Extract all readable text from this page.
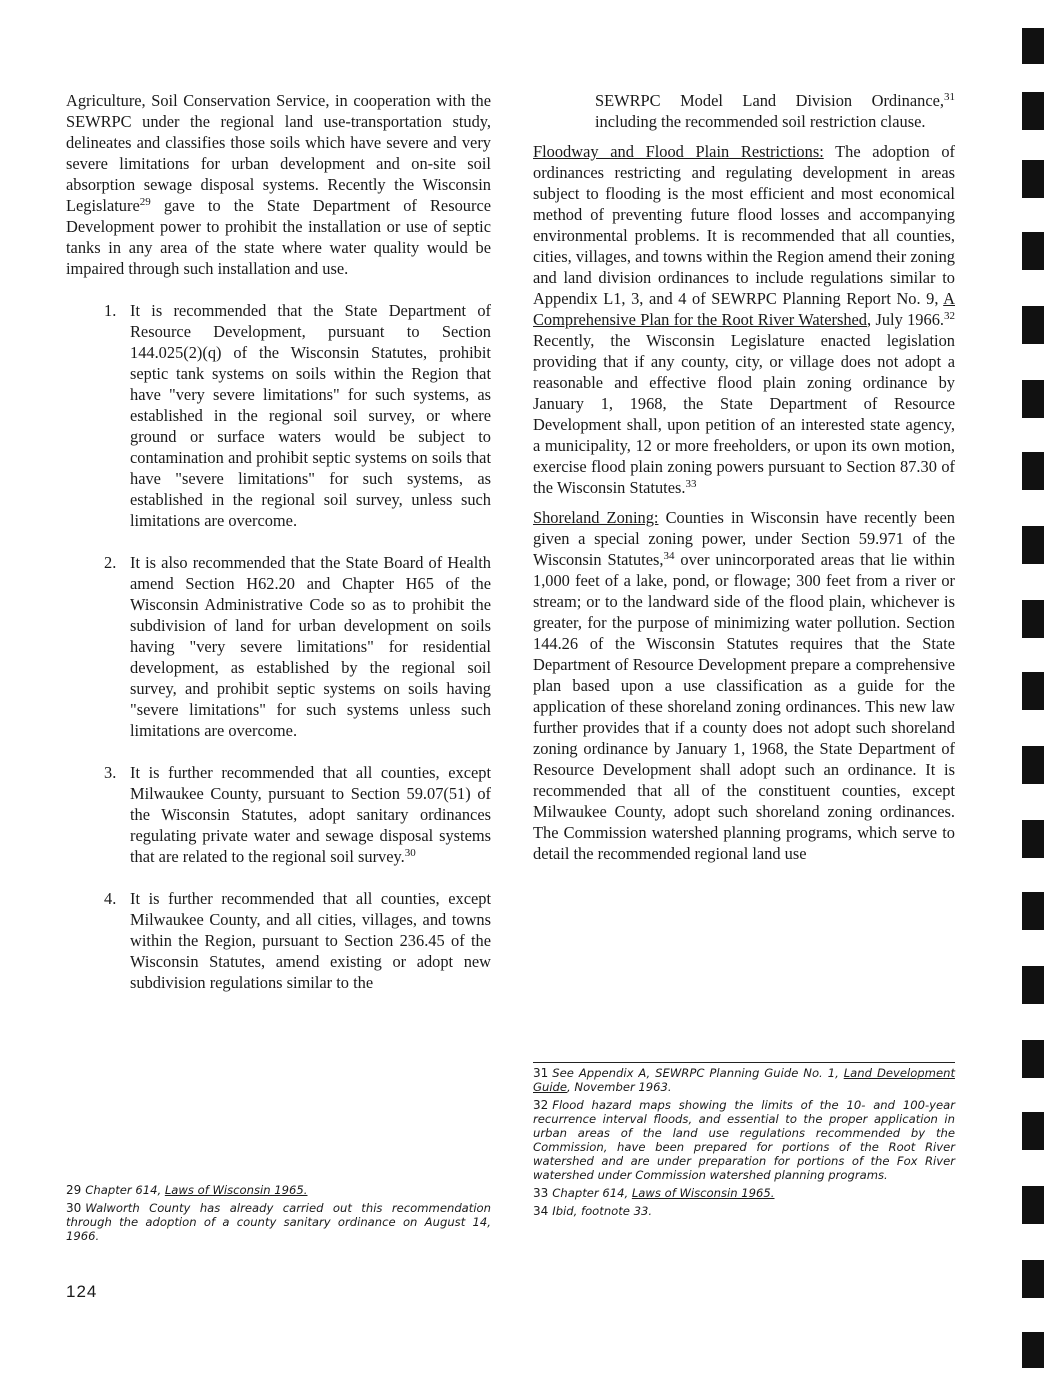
Agriculture, Soil Conservation Service, in cooperation with the SEWRPC under the regional land use-transportation study, delineates and classifies those soils which have severe and very severe limitations for urban development and on-site soil absorption sewage disposal systems. Recently the Wisconsin Legislature$^{29}$ gave to the State Department of Resource Development power to prohibit the installation or use of septic tanks in any area of the state where water quality would be impaired through such installation and use.

1. It is recommended that the State Department of Resource Development, pursuant to Section 144.025(2)(q) of the Wisconsin Statutes, prohibit septic tank systems on soils within the Region that have "very severe limitations" for such systems, as established in the regional soil survey, or where ground or surface waters would be subject to contamination and prohibit septic systems on soils that have "severe limitations" for such systems, as established in the regional soil survey, unless such limitations are overcome.
2. It is also recommended that the State Board of Health amend Section H62.20 and Chapter H65 of the Wisconsin Administrative Code so as to prohibit the subdivision of land for urban development on soils having "very severe limitations" for residential development, as established by the regional soil survey, and prohibit septic systems on soils having "severe limitations" for such systems unless such limitations are overcome.
3. It is further recommended that all counties, except Milwaukee County, pursuant to Section 59.07(51) of the Wisconsin Statutes, adopt sanitary ordinances regulating private water and sewage disposal systems that are related to the regional soil survey.$^{30}$
4. It is further recommended that all counties, except Milwaukee County, and all cities, villages, and towns within the Region, pursuant to Section 236.45 of the Wisconsin Statutes, amend existing or adopt new subdivision regulations similar to the

29 Chapter 614, Laws of Wisconsin 1965.

30 Walworth County has already carried out this recommendation through the adoption of a county sanitary ordinance on August 14, 1966.

SEWRPC Model Land Division Ordinance,$^{31}$ including the recommended soil restriction clause.

Floodway and Flood Plain Restrictions: The adoption of ordinances restricting and regulating development in areas subject to flooding is the most efficient and most economical method of preventing future flood losses and accompanying environmental problems. It is recommended that all counties, cities, villages, and towns within the Region amend their zoning and land division ordinances to include regulations similar to Appendix L1, 3, and 4 of SEWRPC Planning Report No. 9, A Comprehensive Plan for the Root River Watershed, July 1966.32 Recently, the Wisconsin Legislature enacted legislation providing that if any county, city, or village does not adopt a reasonable and effective flood plain zoning ordinance by January 1, 1968, the State Department of Resource Development shall, upon petition of an interested state agency, a municipality, 12 or more freeholders, or upon its own motion, exercise flood plain zoning powers pursuant to Section 87.30 of the Wisconsin Statutes.$^{33}$

Shoreland Zoning: Counties in Wisconsin have recently been given a special zoning power, under Section 59.971 of the Wisconsin Statutes,$^{34}$ over unincorporated areas that lie within 1,000 feet of a lake, pond, or flowage; 300 feet from a river or stream; or to the landward side of the flood plain, whichever is greater, for the purpose of minimizing water pollution. Section 144.26 of the Wisconsin Statutes requires that the State Department of Resource Development prepare a comprehensive plan based upon a use classification as a guide for the application of these shoreland zoning ordinances. This new law further provides that if a county does not adopt such shoreland zoning ordinance by January 1, 1968, the State Department of Resource Development shall adopt such an ordinance. It is recommended that all of the constituent counties, except Milwaukee County, adopt such shoreland zoning ordinances. The Commission watershed planning programs, which serve to detail the recommended regional land use

31 See Appendix A, SEWRPC Planning Guide No. 1, Land Development Guide, November 1963.

32 Flood hazard maps showing the limits of the 10- and 100-year recurrence interval floods, and essential to the proper application in urban areas of the land use regulations recommended by the Commission, have been prepared for portions of the Root River watershed and are under preparation for portions of the Fox River watershed under Commission watershed planning programs.

33 Chapter 614, Laws of Wisconsin 1965.

34 Ibid, footnote 33.

124
